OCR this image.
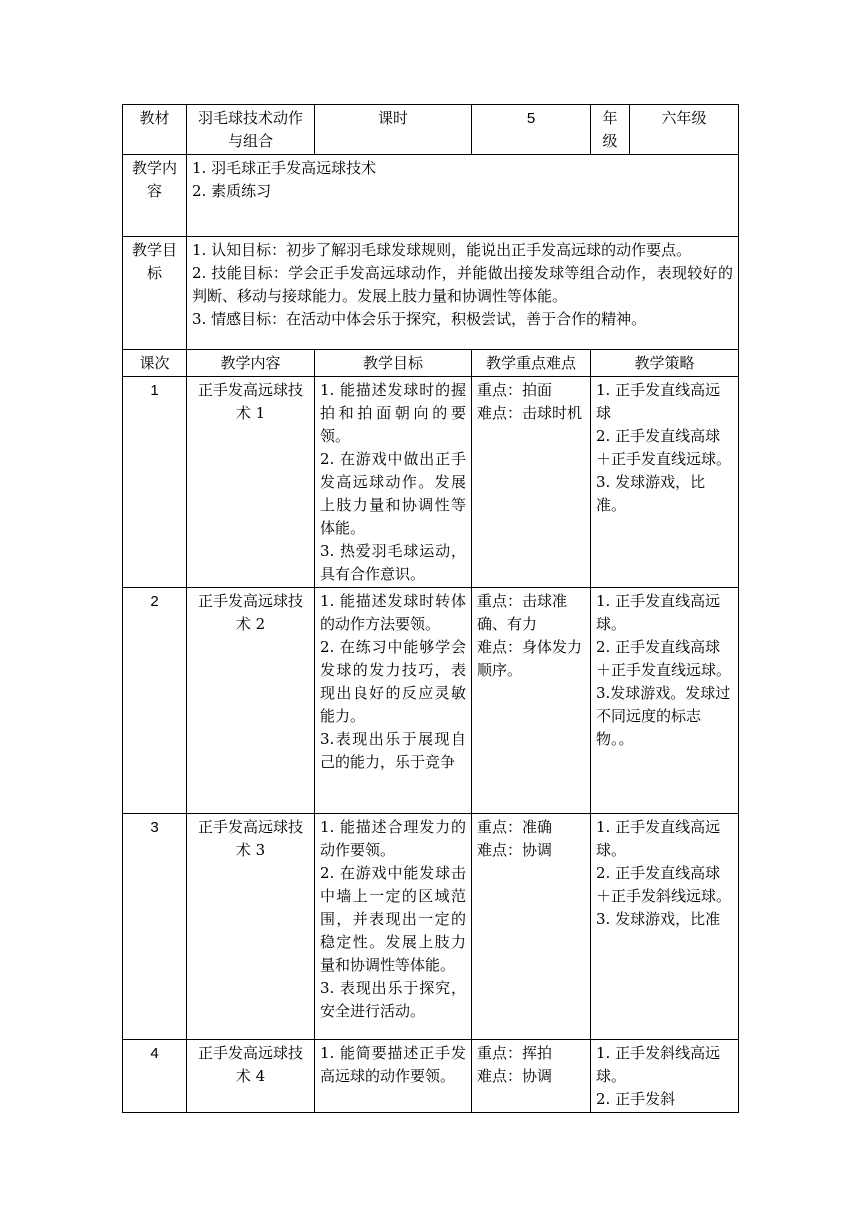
教材	羽毛球技术动作与组合	课时	5	年级	六年级
教学内容	1. 羽毛球正手发高远球技术
2. 素质练习				

教学目标	1. 认知目标：初步了解羽毛球发球规则，能说出正手发高远球的动作要点。
2. 技能目标：学会正手发高远球动作，并能做出接发球等组合动作，表现较好的判断、移动与接球能力。发展上肢力量和协调性等体能。
3. 情感目标：在活动中体会乐于探究，积极尝试，善于合作的精神。				

课次	教学内容	教学目标	教学重点难点	教学策略	
1	正手发高远球技术 1	1. 能描述发球时的握拍和拍面朝向的要领。
2. 在游戏中做出正手发高远球动作。发展上肢力量和协调性等体能。
3. 热爱羽毛球运动，具有合作意识。	重点：拍面
难点：击球时机	1. 正手发直线高远球
2. 正手发直线高球＋正手发直线远球。
3. 发球游戏，比准。	

2	正手发高远球技术 2	1. 能描述发球时转体的动作方法要领。
2. 在练习中能够学会发球的发力技巧，表现出良好的反应灵敏能力。
3.表现出乐于展现自己的能力，乐于竞争	重点：击球准确、有力
难点：身体发力顺序。	1. 正手发直线高远球。
2. 正手发直线高球＋正手发直线远球。
3.发球游戏。发球过不同远度的标志物。。	

3	正手发高远球技术 3	1. 能描述合理发力的动作要领。
2. 在游戏中能发球击中墙上一定的区域范围，并表现出一定的稳定性。发展上肢力量和协调性等体能。
3. 表现出乐于探究，安全进行活动。	重点：准确
难点：协调	1. 正手发直线高远球。
2. 正手发直线高球＋正手发斜线远球。
3. 发球游戏，比准	

4	正手发高远球技术 4	1. 能简要描述正手发高远球的动作要领。	重点：挥拍
难点：协调	1. 正手发斜线高远球。
2. 正手发斜	
